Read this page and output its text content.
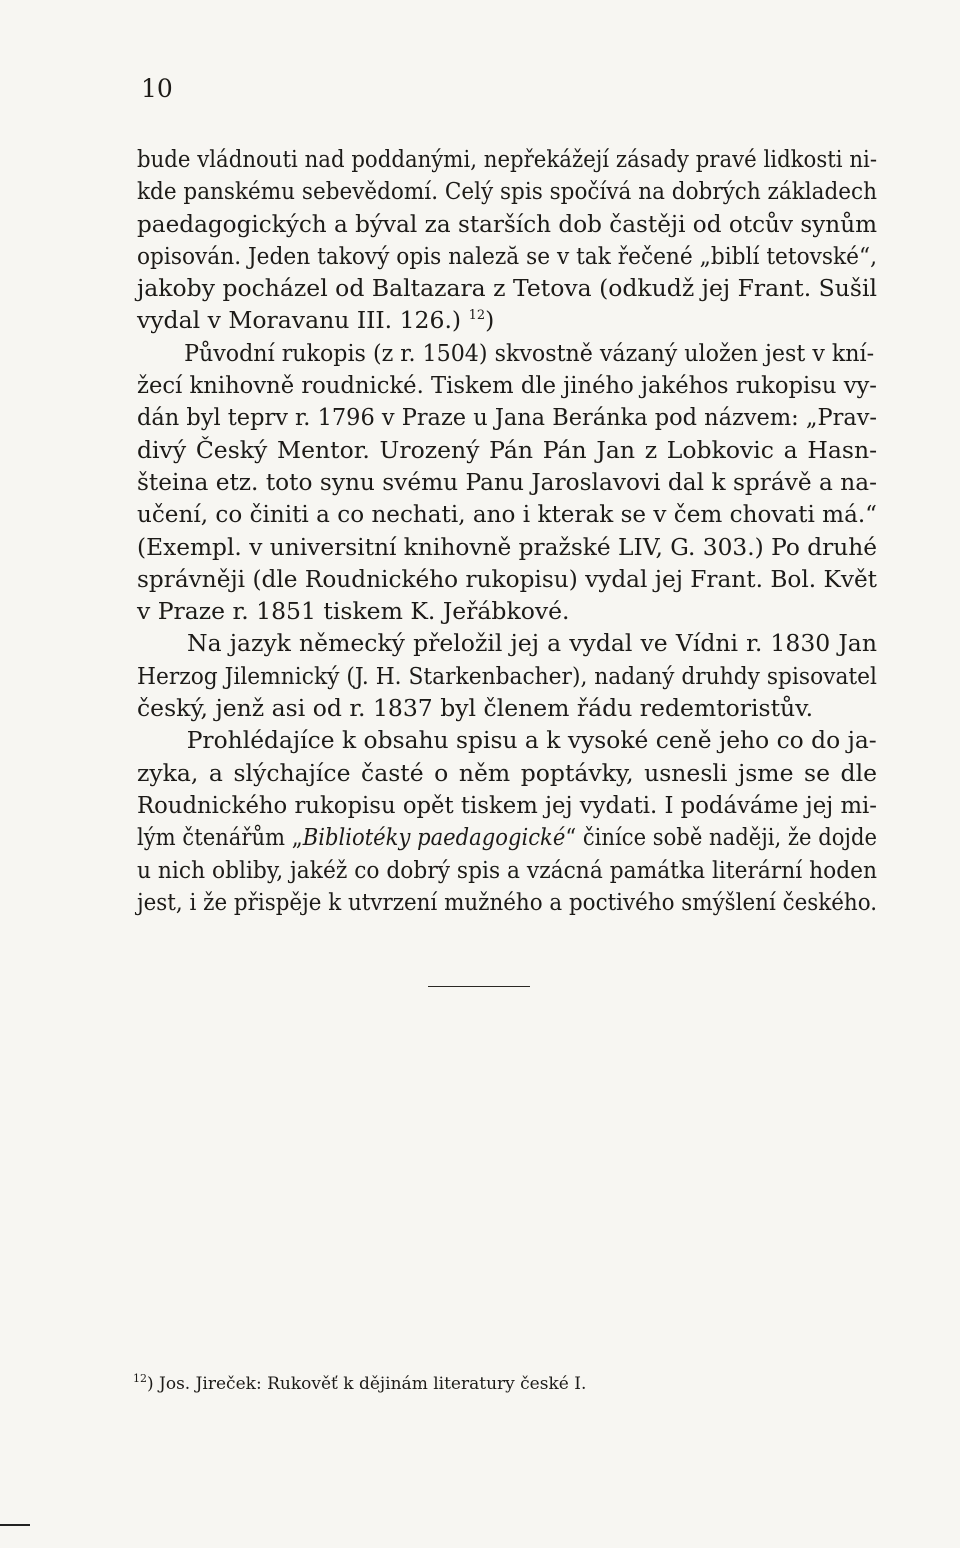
10
bude vládnouti nad poddanými, nepřekážejí zásady pravé lidkosti ni-
kde panskému sebevědomí. Celý spis spočívá na dobrých základech
paedagogických a býval za starších dob častěji od otcův synům
opisován. Jeden takový opis naleză se v tak řečené „biblí tetovské“,
jakoby pocházel od Baltazara z Tetova (odkudž jej Frant. Sušil
vydal v Moravanu III. 126.) $^{12}$)
Původní rukopis (z r. 1504) skvostně vázaný uložen jest v kní-
žecí knihovně roudnické. Tiskem dle jiného jakéhos rukopisu vy-
dán byl teprv r. 1796 v Praze u Jana Beránka pod názvem: „Prav-
divý Český Mentor. Urozený Pán Pán Jan z Lobkovic a Hasn-
šteina etz. toto synu svému Panu Jaroslavovi dal k správě a na-
učení, co činiti a co nechati, ano i kterak se v čem chovati má.“
(Exempl. v universitní knihovně pražské LIV, G. 303.) Po druhé
správněji (dle Roudnického rukopisu) vydal jej Frant. Bol. Květ
v Praze r. 1851 tiskem K. Jeřábkové.
Na jazyk německý přeložil jej a vydal ve Vídni r. 1830 Jan
Herzog Jilemnický (J. H. Starkenbacher), nadaný druhdy spisovatel
český, jenž asi od r. 1837 byl členem řádu redemtoristův.
Prohlédajíce k obsahu spisu a k vysoké ceně jeho co do ja-
zyka, a slýchajíce časté o něm poptávky, usnesli jsme se dle
Roudnického rukopisu opět tiskem jej vydati. I podáváme jej mi-
lým čtenářům „Bibliotéky paedagogické“ činíce sobě naději, že dojde
u nich obliby, jakéž co dobrý spis a vzácná památka literární hoden
jest, i že přispěje k utvrzení mužného a poctivého smýšlení českého.
$^{12}$) Jos. Jireček: Rukověť k dějinám literatury české I.
